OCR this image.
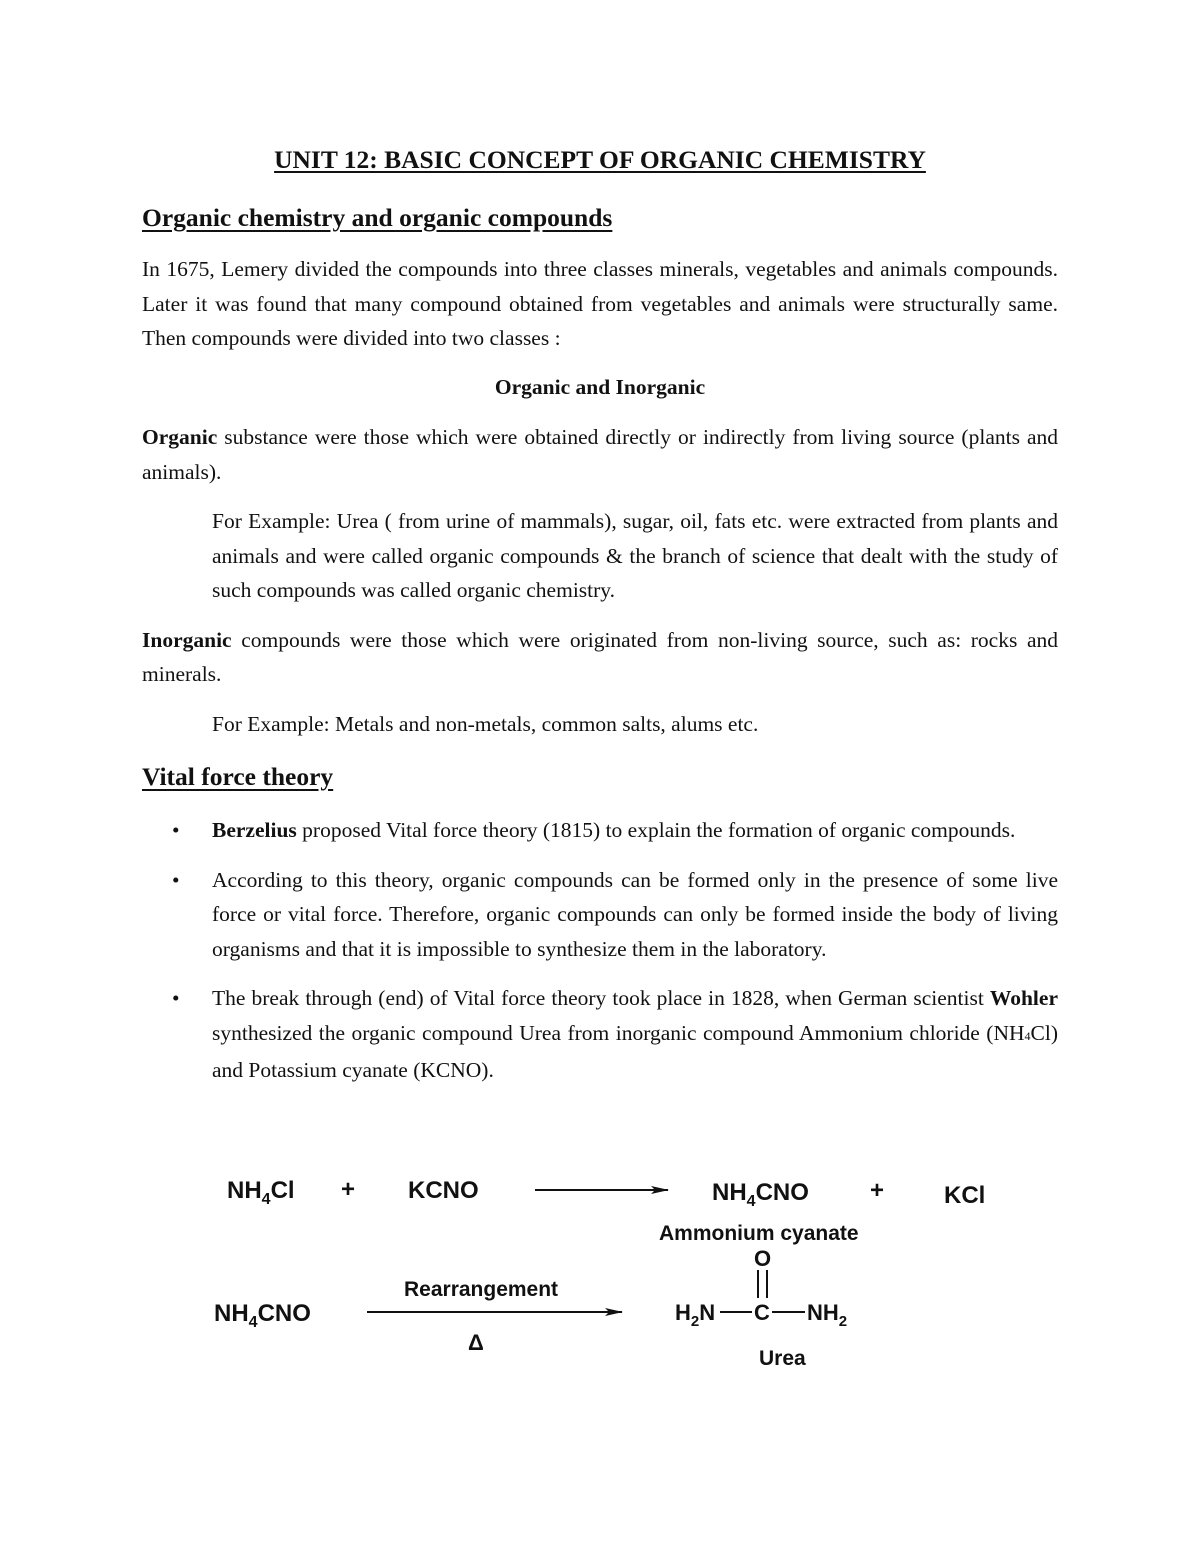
UNIT 12: BASIC CONCEPT OF ORGANIC CHEMISTRY
Organic chemistry and organic compounds

In 1675, Lemery divided the compounds into three classes minerals, vegetables and animals compounds. Later it was found that many compound obtained from vegetables and animals were structurally same. Then compounds were divided into two classes :

Organic and Inorganic

Organic substance were those which were obtained directly or indirectly from living source (plants and animals).

For Example: Urea ( from urine of mammals), sugar, oil, fats etc. were extracted from plants and animals and were called organic compounds & the branch of science that dealt with the study of such compounds was called organic chemistry.

Inorganic compounds were those which were originated from non-living source, such as: rocks and minerals.

For Example: Metals and non-metals, common salts, alums etc.

Vital force theory
• Berzelius proposed Vital force theory (1815) to explain the formation of organic compounds.
• According to this theory, organic compounds can be formed only in the presence of some live force or vital force. Therefore, organic compounds can only be formed inside the body of living organisms and that it is impossible to synthesize them in the laboratory.
• The break through (end) of Vital force theory took place in 1828, when German scientist Wohler synthesized the organic compound Urea from inorganic compound Ammonium chloride (NH4Cl) and Potassium cyanate (KCNO).
$NH_4Cl$ + KCNO	$NH_4CNO$	+ KCl
Ammonium cyanate
$NH_4CNO$
Rearrangement
Δ
O
$H_2N$ C $NH_2$
Urea
